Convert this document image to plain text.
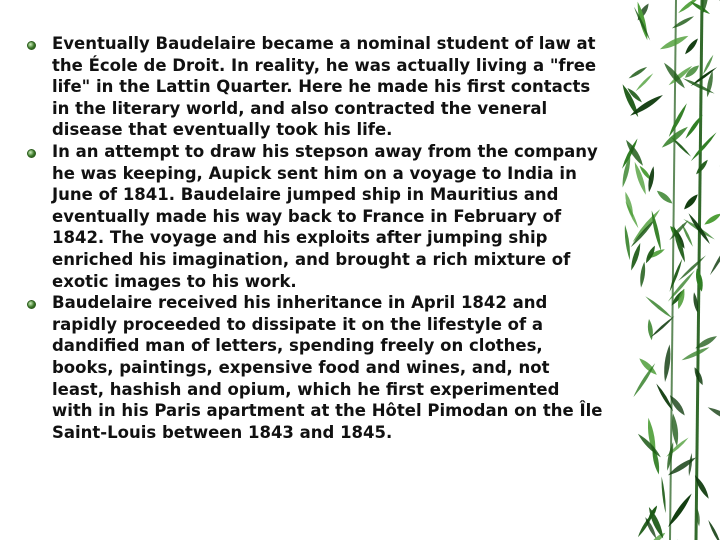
Eventually Baudelaire became a nominal student of law at the École de Droit. In reality, he was actually living a "free life" in the Lattin Quarter. Here he made his first contacts in the literary world, and also contracted the veneral disease that eventually took his life.
In an attempt to draw his stepson away from the company he was keeping, Aupick sent him on a voyage to India in June of 1841. Baudelaire jumped ship in Mauritius and eventually made his way back to France in February of 1842. The voyage and his exploits after jumping ship enriched his imagination, and brought a rich mixture of exotic images to his work.
Baudelaire received his inheritance in April 1842 and rapidly proceeded to dissipate it on the lifestyle of a dandified man of letters, spending freely on clothes, books, paintings, expensive food and wines, and, not least, hashish and opium, which he first experimented with in his Paris apartment at the Hôtel Pimodan on the Île Saint-Louis between 1843 and 1845.
